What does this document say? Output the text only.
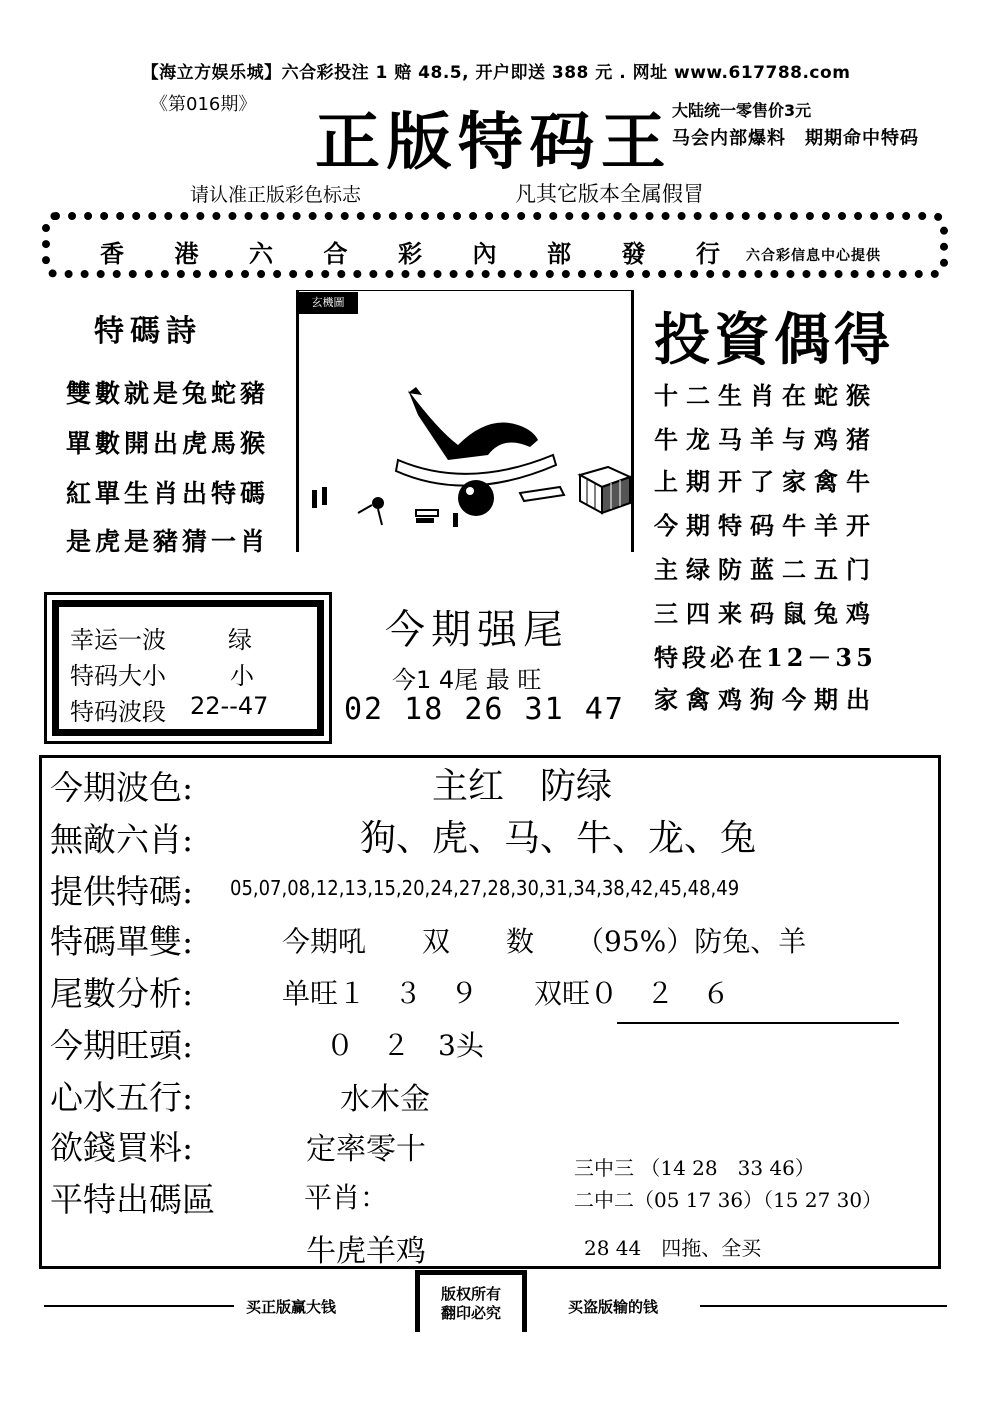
【海立方娱乐城】六合彩投注 1 赔 48.5, 开户即送 388 元 . 网址 www.617788.com
《第016期》
正版特码王 大陆统一零售价3元
马会内部爆料　期期命中特码
请认准正版彩色标志	凡其它版本全属假冒
香 港 六 合 彩 內 部 發 行 六合彩信息中心提供
特碼詩
雙數就是兔蛇豬
單數開出虎馬猴
紅單生肖出特碼
是虎是豬猜一肖
玄機圖
投資偶得
十二生肖在蛇猴
牛龙马羊与鸡猪
上期开了家禽牛
今期特码牛羊开
主绿防蓝二五门
三四来码鼠兔鸡
特段必在12－35
家禽鸡狗今期出
幸运一波	绿
特码大小	小
特码波段 22--47
今期强尾
今1 4尾 最 旺
02 18 26 31 47
今期波色:	主红　防绿
無敵六肖:	狗、虎、马、牛、龙、兔
提供特碼: 05,07,08,12,13,15,20,24,27,28,30,31,34,38,42,45,48,49
特碼單雙:	今期吼　　双　　数　　（95%）防兔、羊
尾數分析:	单旺１　３　９　　双旺０　２　６
今期旺頭:	０　２　3头
心水五行:	水木金
欲錢買料:	定率零十
平特出碼區	平肖：
牛虎羊鸡
三中三 （14 28　33 46）
二中二（05 17 36）（15 27 30）
28 44　四拖、全买
买正版赢大钱
版权所有
翻印必究	买盗版输的钱
